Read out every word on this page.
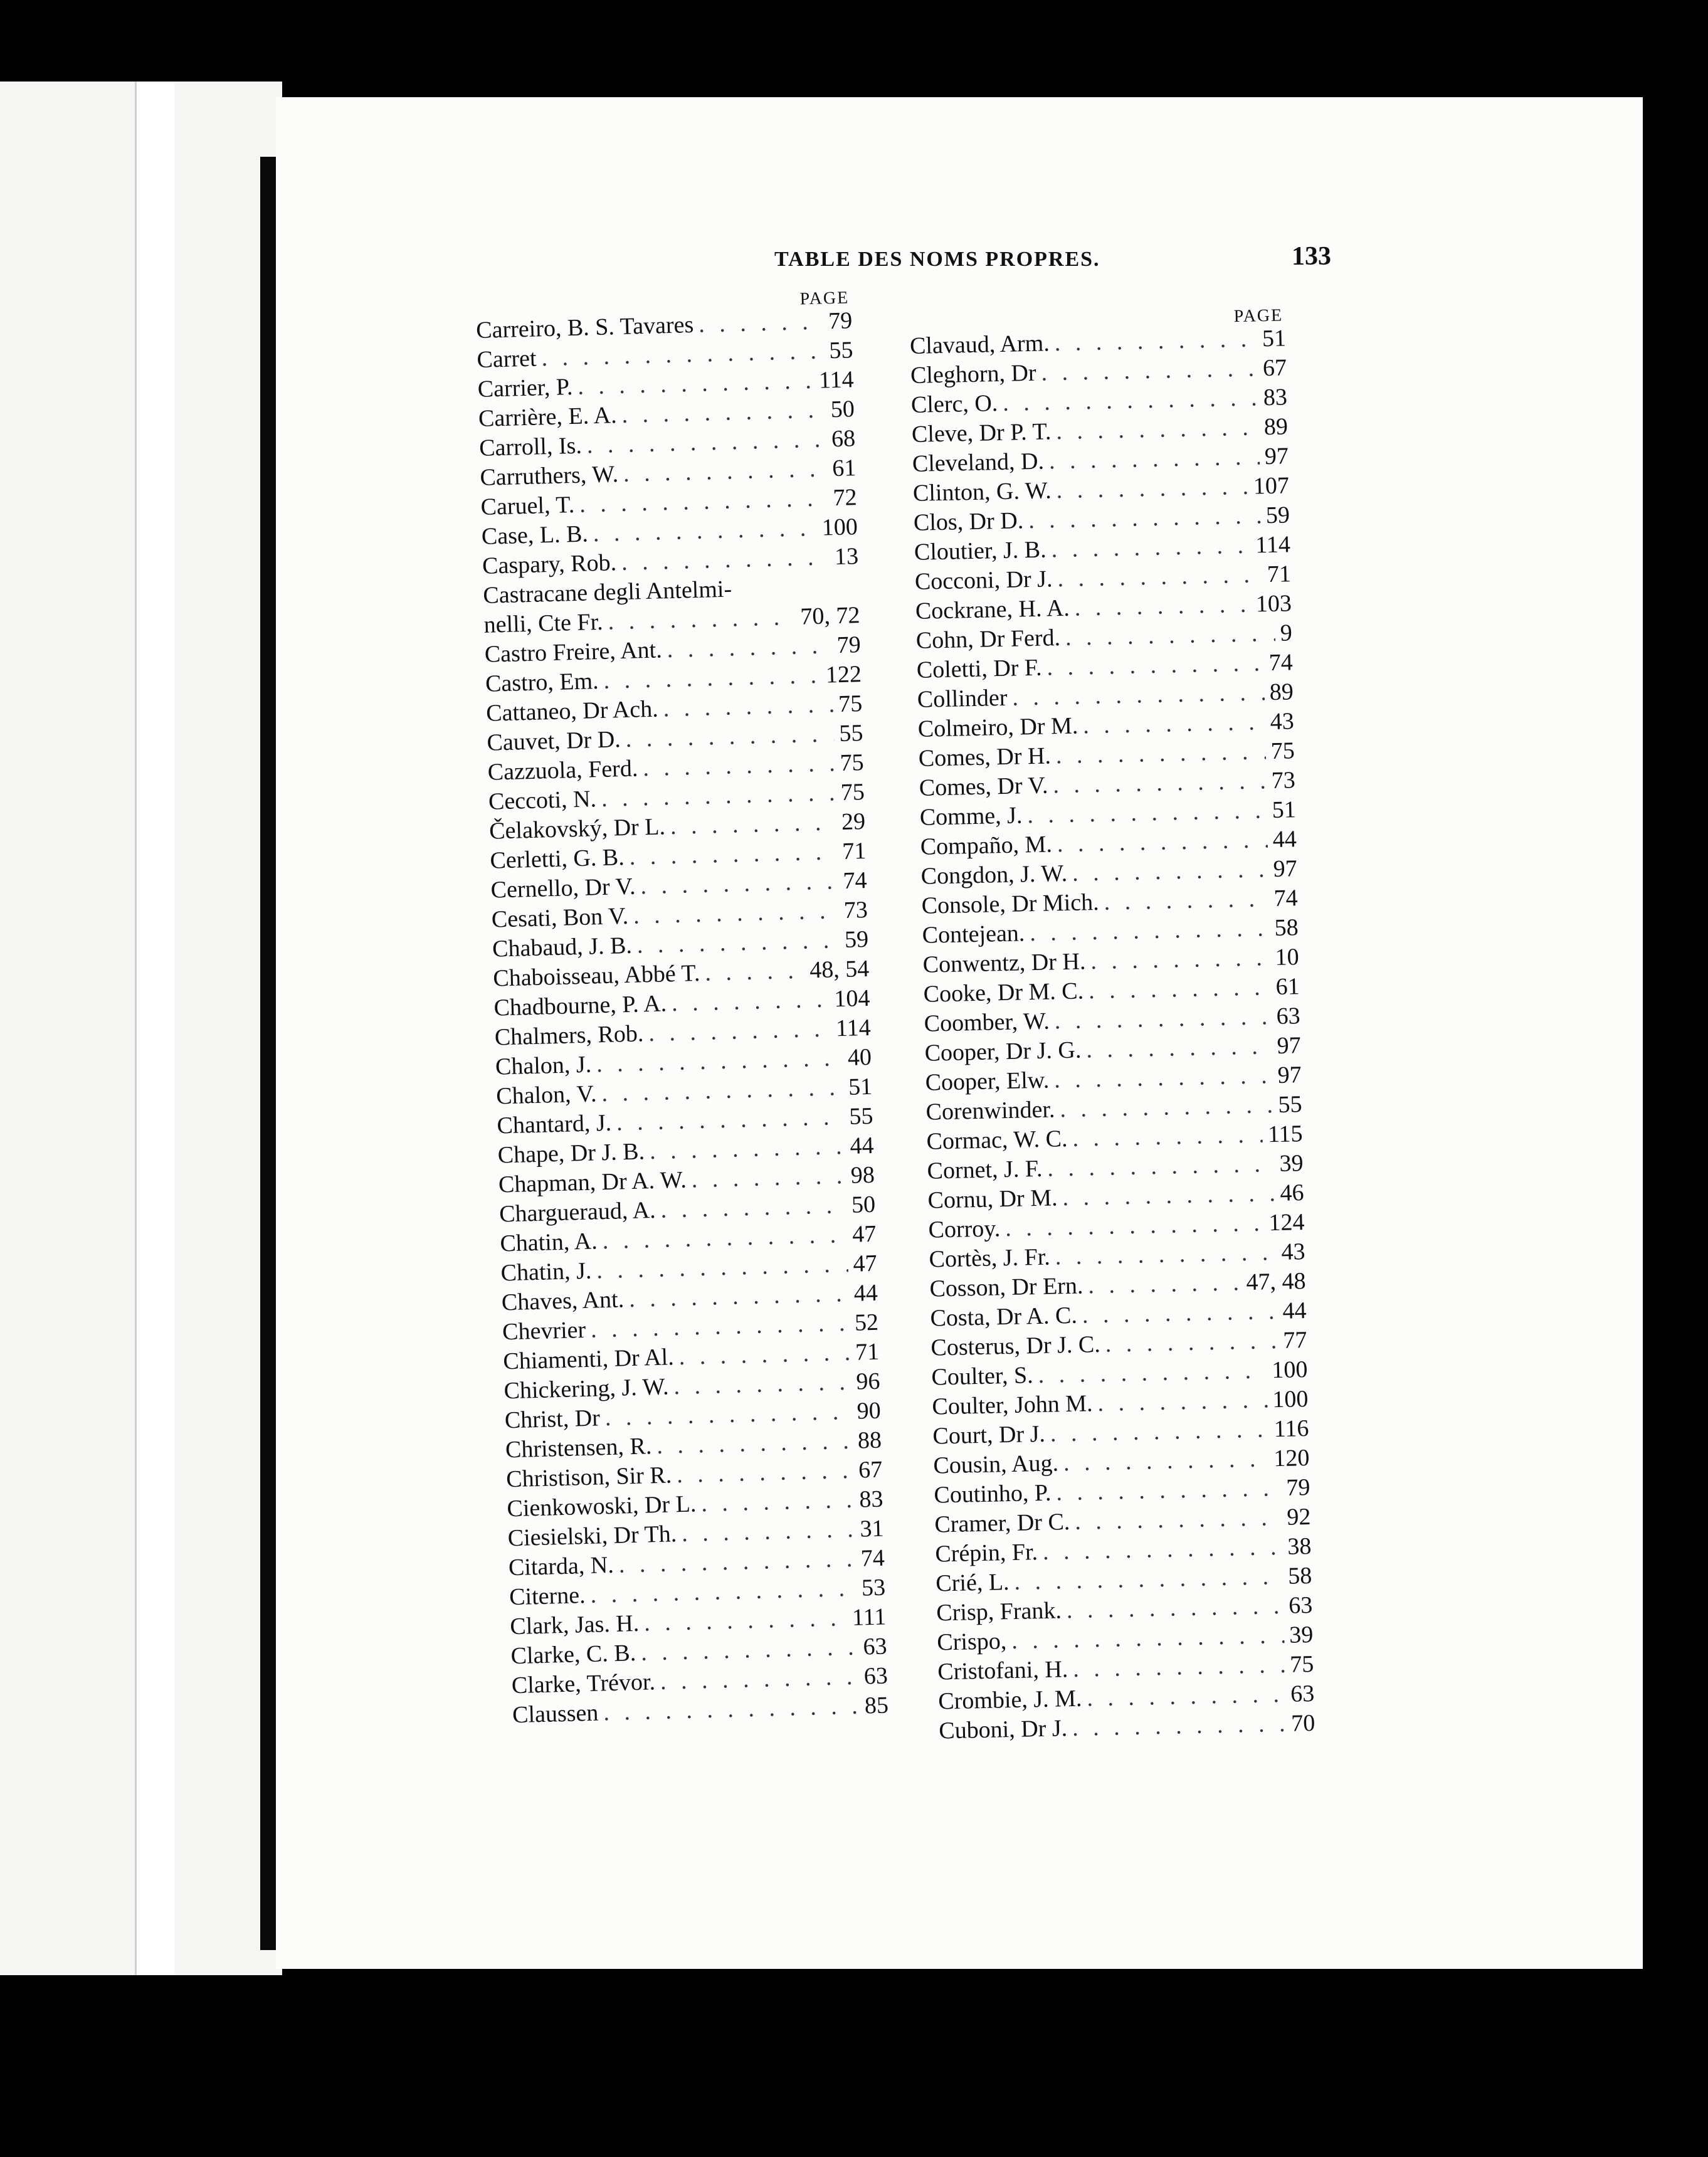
TABLE DES NOMS PROPRES.	133
PAGE
Carreiro, B. S. Tavares . . .	79
Carret . . .	55
Carrier, P. . . .	114
Carrière, E. A. . . .	50
Carroll, Is. . . .	68
Carruthers, W. . . .	61
Caruel, T. . . .	72
Case, L. B. . . .	100
Caspary, Rob. . . .	13
Castracane degli Antelmi-
nelli, Cte Fr. . . .	70, 72
Castro Freire, Ant. . . .	79
Castro, Em. . . .	122
Cattaneo, Dr Ach. . . .	75
Cauvet, Dr D. . . .	55
Cazzuola, Ferd. . . .	75
Ceccoti, N. . . .	75
Čelakovský, Dr L. . . .	29
Cerletti, G. B. . . .	71
Cernello, Dr V. . . .	74
Cesati, Bon V. . . .	73
Chabaud, J. B. . . .	59
Chaboisseau, Abbé T. . . .	48, 54
Chadbourne, P. A. . . .	104
Chalmers, Rob. . . .	114
Chalon, J. . . .	40
Chalon, V. . . .	51
Chantard, J. . . .	55
Chape, Dr J. B. . . .	44
Chapman, Dr A. W. . . .	98
Chargueraud, A. . . .	50
Chatin, A. . . .	47
Chatin, J. . . .	47
Chaves, Ant. . . .	44
Chevrier . . .	52
Chiamenti, Dr Al. . . .	71
Chickering, J. W. . . .	96
Christ, Dr . . .	90
Christensen, R. . . .	88
Christison, Sir R. . . .	67
Cienkowoski, Dr L. . . .	83
Ciesielski, Dr Th. . . .	31
Citarda, N. . . .	74
Citerne. . . .	53
Clark, Jas. H. . . .	111
Clarke, C. B. . . .	63
Clarke, Trévor. . . .	63
Claussen . . .	85
PAGE
Clavaud, Arm. . . .	51
Cleghorn, Dr . . .	67
Clerc, O. . . .	83
Cleve, Dr P. T. . . .	89
Cleveland, D. . . .	97
Clinton, G. W. . . .	107
Clos, Dr D. . . .	59
Cloutier, J. B. . . .	114
Cocconi, Dr J. . . .	71
Cockrane, H. A. . . .	103
Cohn, Dr Ferd. . . .	9
Coletti, Dr F. . . .	74
Collinder . . .	89
Colmeiro, Dr M. . . .	43
Comes, Dr H. . . .	75
Comes, Dr V. . . .	73
Comme, J. . . .	51
Compaño, M. . . .	44
Congdon, J. W. . . .	97
Console, Dr Mich. . . .	74
Contejean. . . .	58
Conwentz, Dr H. . . .	10
Cooke, Dr M. C. . . .	61
Coomber, W. . . .	63
Cooper, Dr J. G. . . .	97
Cooper, Elw. . . .	97
Corenwinder. . . .	55
Cormac, W. C. . . .	115
Cornet, J. F. . . .	39
Cornu, Dr M. . . .	46
Corroy. . . .	124
Cortès, J. Fr. . . .	43
Cosson, Dr Ern. . . .	47, 48
Costa, Dr A. C. . . .	44
Costerus, Dr J. C. . . .	77
Coulter, S. . . .	100
Coulter, John M. . . .	100
Court, Dr J. . . .	116
Cousin, Aug. . . .	120
Coutinho, P. . . .	79
Cramer, Dr C. . . .	92
Crépin, Fr. . . .	38
Crié, L. . . .	58
Crisp, Frank. . . .	63
Crispo, . . .	39
Cristofani, H. . . .	75
Crombie, J. M. . . .	63
Cuboni, Dr J. . . .	70
